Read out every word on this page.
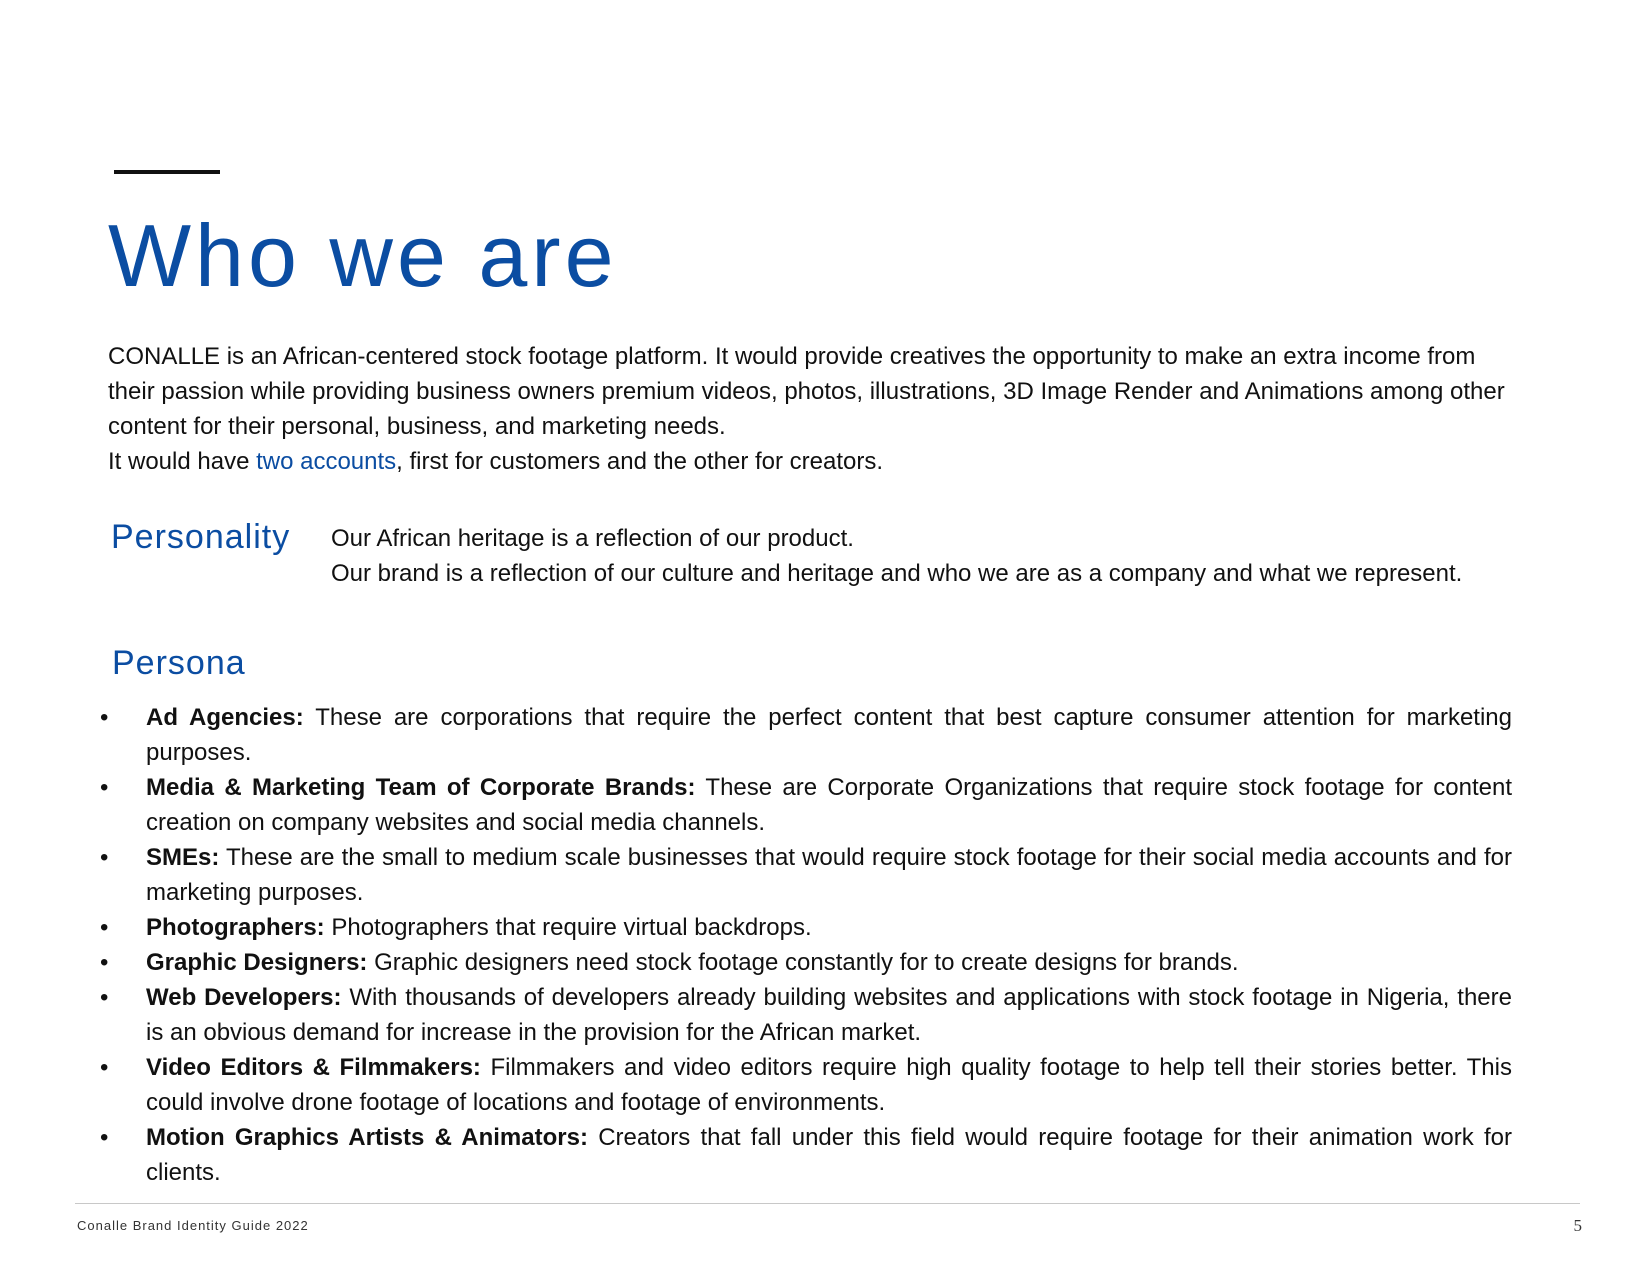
Who we are

CONALLE is an African-centered stock footage platform. It would provide creatives the opportunity to make an extra income from their passion while providing business owners premium videos, photos, illustrations, 3D Image Render and Animations among other content for their personal, business, and marketing needs.

It would have two accounts, first for customers and the other for creators.

Personality Our African heritage is a reflection of our product.

Our brand is a reflection of our culture and heritage and who we are as a company and what we represent.

Persona
• Ad Agencies: These are corporations that require the perfect content that best capture consumer attention for marketing purposes.
• Media & Marketing Team of Corporate Brands: These are Corporate Organizations that require stock footage for content creation on company websites and social media channels.
• SMEs: These are the small to medium scale businesses that would require stock footage for their social media accounts and for marketing purposes.
• Photographers: Photographers that require virtual backdrops.
• Graphic Designers: Graphic designers need stock footage constantly for to create designs for brands.
• Web Developers: With thousands of developers already building websites and applications with stock footage in Nigeria, there is an obvious demand for increase in the provision for the African market.
• Video Editors & Filmmakers: Filmmakers and video editors require high quality footage to help tell their stories better. This could involve drone footage of locations and footage of environments.
• Motion Graphics Artists & Animators: Creators that fall under this field would require footage for their animation work for clients.
Conalle Brand Identity Guide 2022	5
